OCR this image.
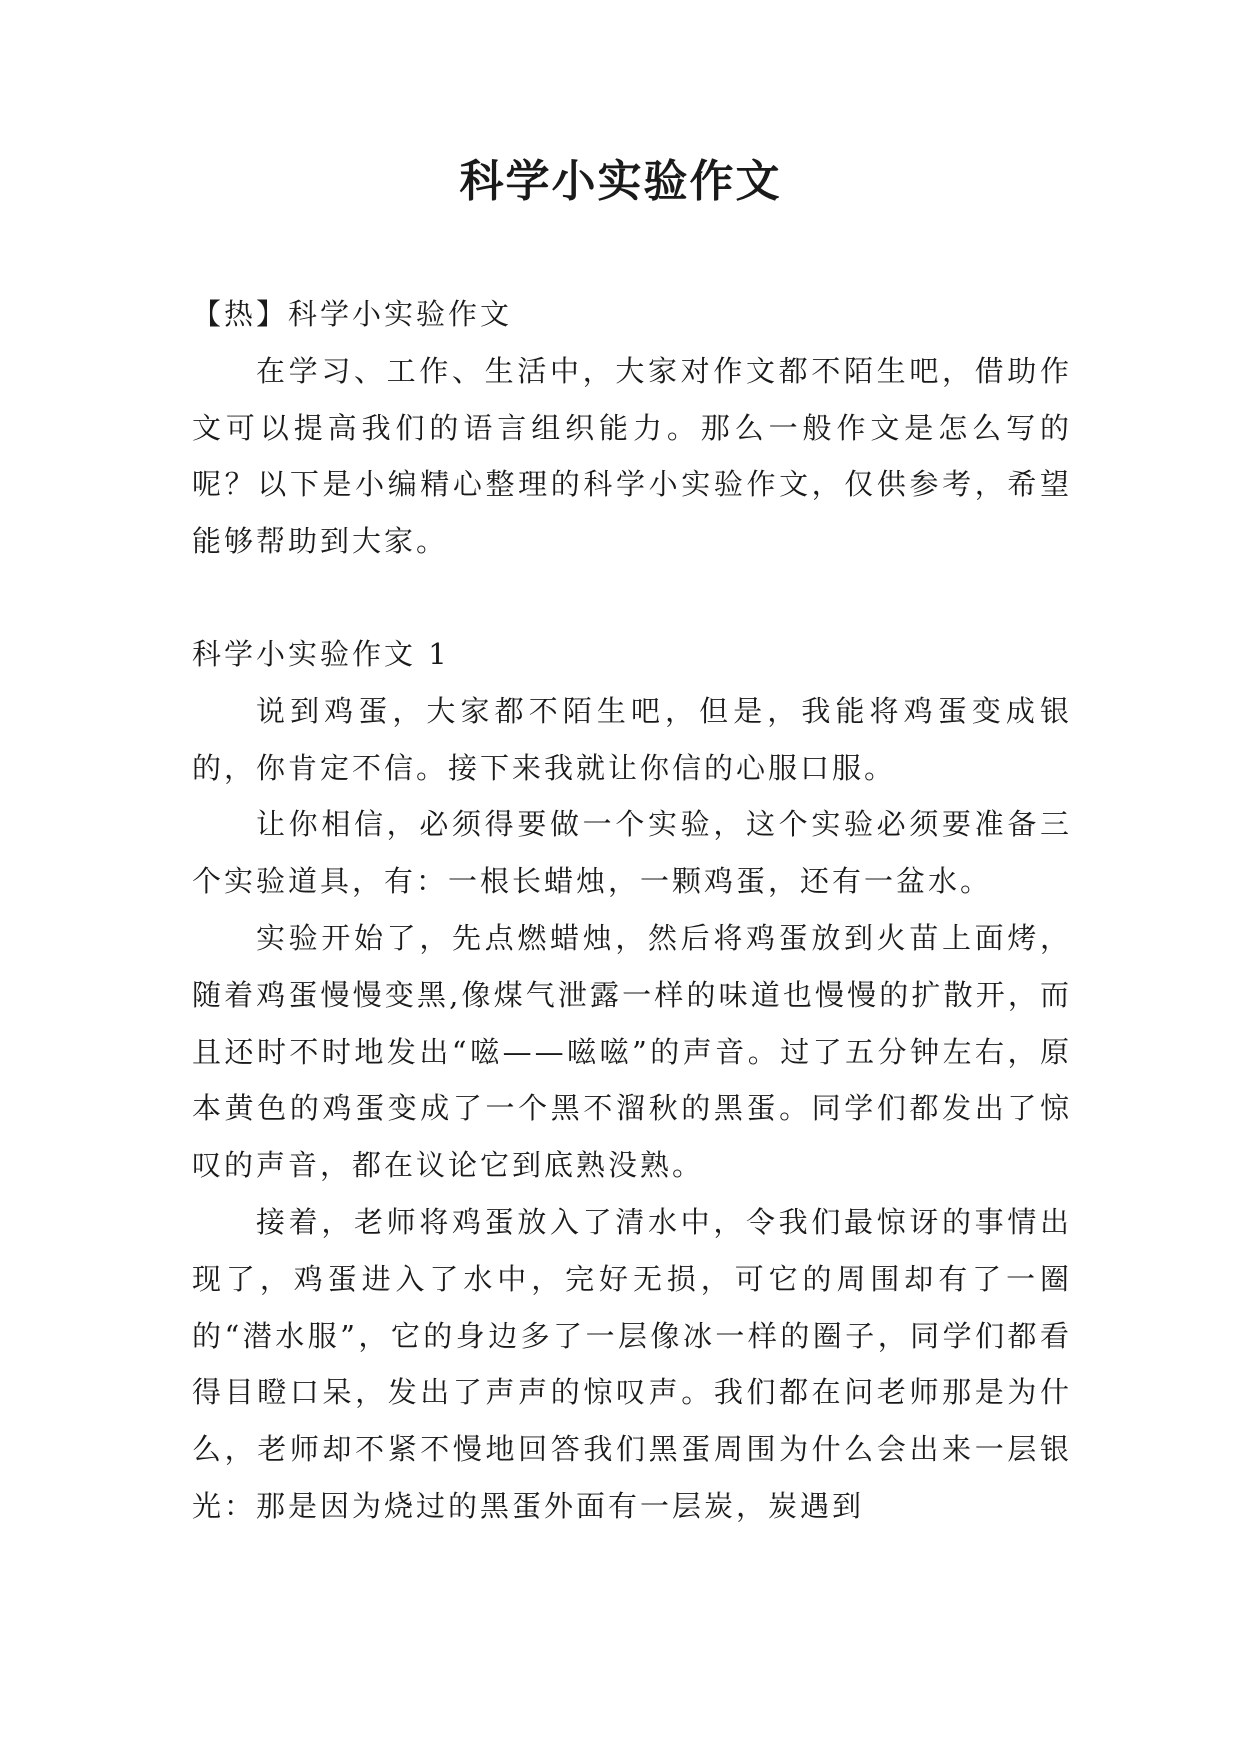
科学小实验作文

【热】科学小实验作文

在学习、工作、生活中，大家对作文都不陌生吧，借助作文可以提高我们的语言组织能力。那么一般作文是怎么写的呢？以下是小编精心整理的科学小实验作文，仅供参考，希望能够帮助到大家。

科学小实验作文 1

说到鸡蛋，大家都不陌生吧，但是，我能将鸡蛋变成银的，你肯定不信。接下来我就让你信的心服口服。

让你相信，必须得要做一个实验，这个实验必须要准备三个实验道具，有：一根长蜡烛，一颗鸡蛋，还有一盆水。

实验开始了，先点燃蜡烛，然后将鸡蛋放到火苗上面烤，随着鸡蛋慢慢变黑,像煤气泄露一样的味道也慢慢的扩散开，而且还时不时地发出“嗞——嗞嗞”的声音。过了五分钟左右，原本黄色的鸡蛋变成了一个黑不溜秋的黑蛋。同学们都发出了惊叹的声音，都在议论它到底熟没熟。

接着，老师将鸡蛋放入了清水中，令我们最惊讶的事情出现了，鸡蛋进入了水中，完好无损，可它的周围却有了一圈的“潜水服”，它的身边多了一层像冰一样的圈子，同学们都看得目瞪口呆，发出了声声的惊叹声。我们都在问老师那是为什么，老师却不紧不慢地回答我们黑蛋周围为什么会出来一层银光：那是因为烧过的黑蛋外面有一层炭，炭遇到
